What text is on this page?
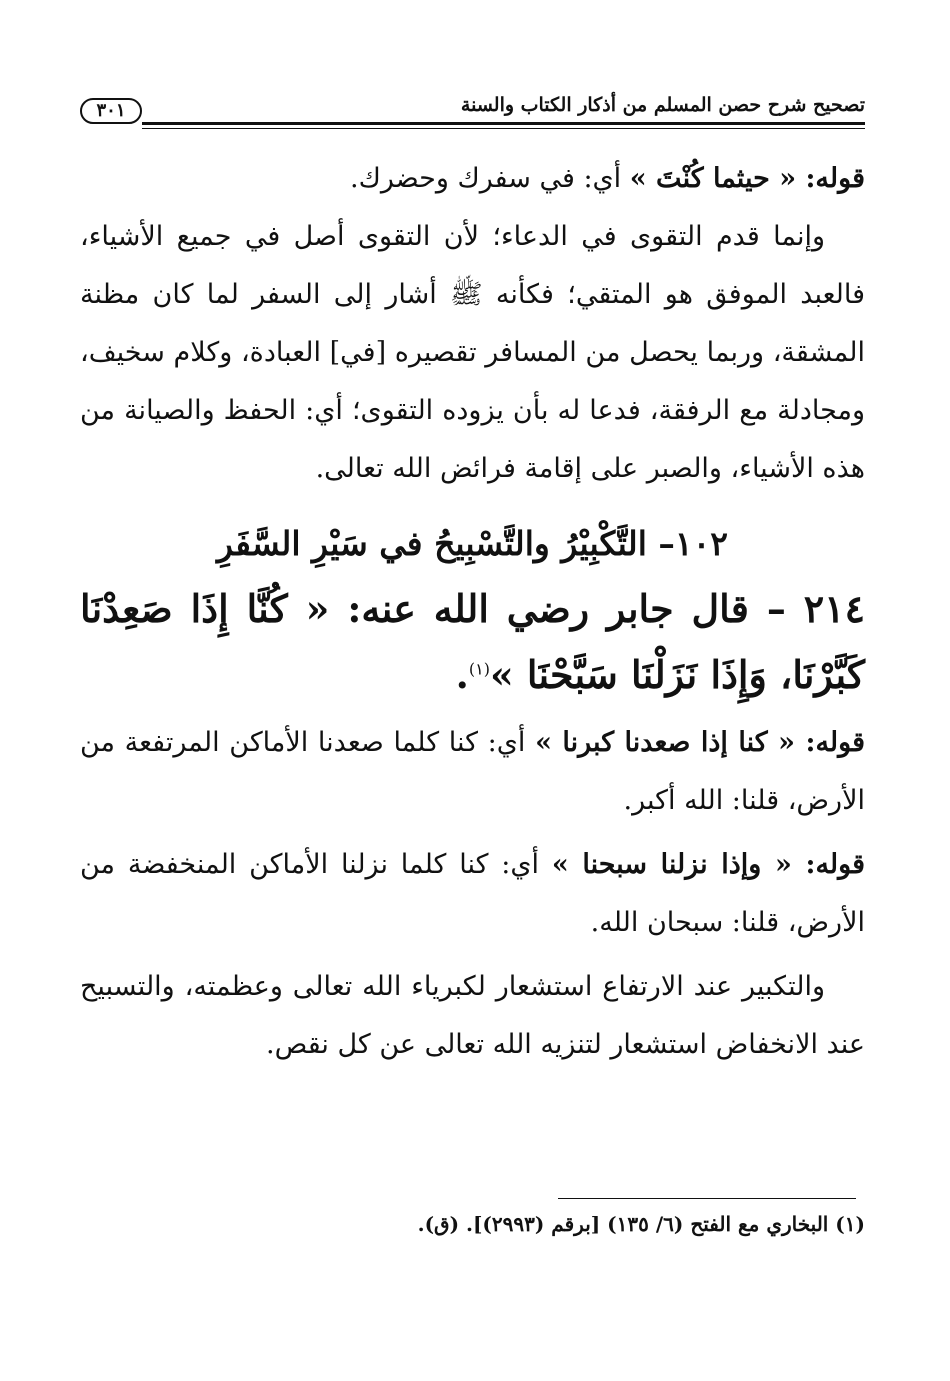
تصحيح شرح حصن المسلم من أذكار الكتاب والسنة
٣٠١

قوله: « حيثما كُنْتَ » أي: في سفرك وحضرك.

وإنما قدم التقوى في الدعاء؛ لأن التقوى أصل في جميع الأشياء، فالعبد الموفق هو المتقي؛ فكأنه ﷺ أشار إلى السفر لما كان مظنة المشقة، وربما يحصل من المسافر تقصيره [في] العبادة، وكلام سخيف، ومجادلة مع الرفقة، فدعا له بأن يزوده التقوى؛ أي: الحفظ والصيانة من هذه الأشياء، والصبر على إقامة فرائض الله تعالى.

١٠٢– التَّكْبِيْرُ والتَّسْبِيحُ في سَيْرِ السَّفَرِ

٢١٤ – قال جابر رضي الله عنه: « كُنَّا إِذَا صَعِدْنَا كَبَّرْنَا، وَإِذَا نَزَلْنَا سَبَّحْنَا »$^{(١)}$.

قوله: « كنا إذا صعدنا كبرنا » أي: كنا كلما صعدنا الأماكن المرتفعة من الأرض، قلنا: الله أكبر.

قوله: « وإذا نزلنا سبحنا » أي: كنا كلما نزلنا الأماكن المنخفضة من الأرض، قلنا: سبحان الله.

والتكبير عند الارتفاع استشعار لكبرياء الله تعالى وعظمته، والتسبيح عند الانخفاض استشعار لتنزيه الله تعالى عن كل نقص.

(١) البخاري مع الفتح (٦/ ١٣٥) [برقم (٢٩٩٣)]. (ق).
